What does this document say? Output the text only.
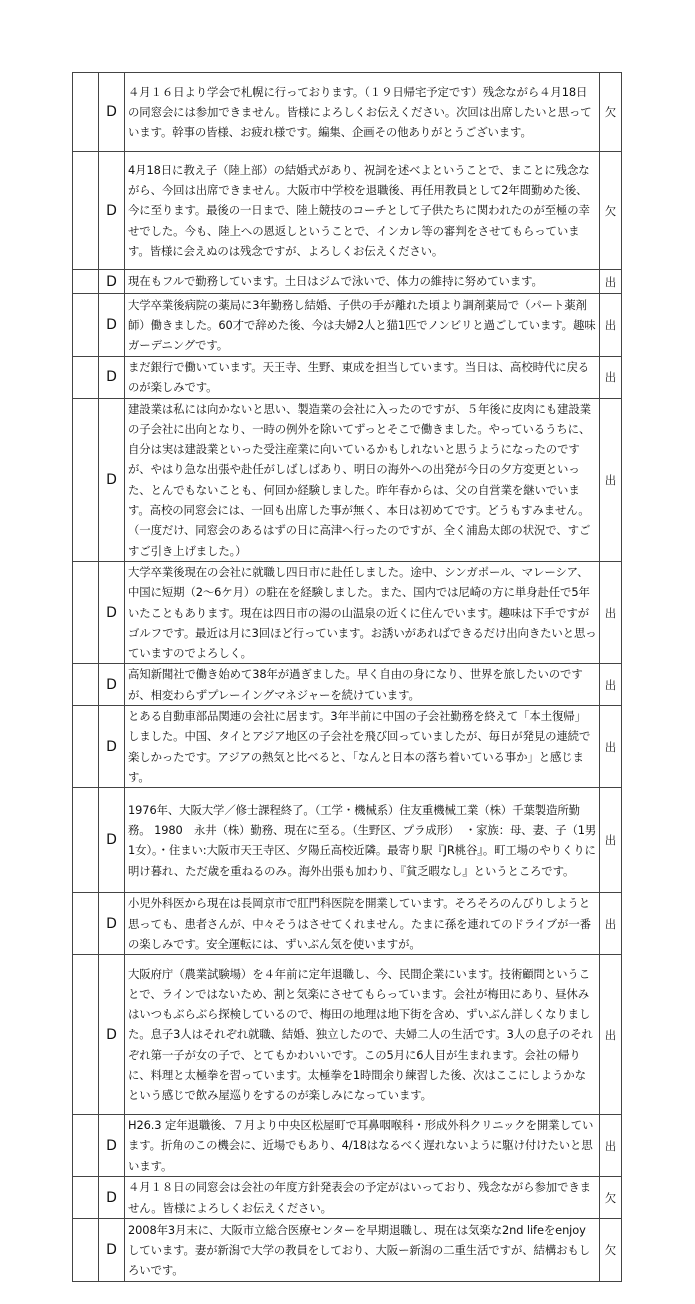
		D	４月１６日より学会で札幌に行っております。（１９日帰宅予定です）残念ながら４月18日の同窓会には参加できません。皆様によろしくお伝えください。次回は出席したいと思っています。幹事の皆様、お疲れ様です。編集、企画その他ありがとうございます。	欠
		D	4月18日に教え子（陸上部）の結婚式があり、祝詞を述べよということで、まことに残念ながら、今回は出席できません。大阪市中学校を退職後、再任用教員として2年間勤めた後、今に至ります。最後の一日まで、陸上競技のコーチとして子供たちに関われたのが至極の幸せでした。今も、陸上への恩返しということで、インカレ等の審判をさせてもらっています。皆様に会えぬのは残念ですが、よろしくお伝えください。	欠
		D	現在もフルで勤務しています。土日はジムで泳いで、体力の維持に努めています。	出
		D	大学卒業後病院の薬局に3年勤務し結婚、子供の手が離れた頃より調剤薬局で（パート薬剤師）働きました。60才で辞めた後、今は夫婦2人と猫1匹でノンビリと過ごしています。趣味ガーデニングです。	出
		D	まだ銀行で働いています。天王寺、生野、東成を担当しています。当日は、高校時代に戻るのが楽しみです。	出
		D	建設業は私には向かないと思い、製造業の会社に入ったのですが、５年後に皮肉にも建設業の子会社に出向となり、一時の例外を除いてずっとそこで働きました。やっているうちに、自分は実は建設業といった受注産業に向いているかもしれないと思うようになったのですが、やはり急な出張や赴任がしばしばあり、明日の海外への出発が今日の夕方変更といった、とんでもないことも、何回か経験しました。昨年春からは、父の自営業を継いでいます。高校の同窓会には、一回も出席した事が無く、本日は初めてです。どうもすみません。（一度だけ、同窓会のあるはずの日に高津へ行ったのですが、全く浦島太郎の状況で、すごすご引き上げました。）	出
		D	大学卒業後現在の会社に就職し四日市に赴任しました。途中、シンガポール、マレーシア、中国に短期（2〜6ケ月）の駐在を経験しました。また、国内では尼崎の方に単身赴任で5年いたこともあります。現在は四日市の湯の山温泉の近くに住んでいます。趣味は下手ですがゴルフです。最近は月に3回ほど行っています。お誘いがあればできるだけ出向きたいと思っていますのでよろしく。	出
		D	高知新聞社で働き始めて38年が過ぎました。早く自由の身になり、世界を旅したいのですが、相変わらずプレーイングマネジャーを続けています。	出
		D	とある自動車部品関連の会社に居ます。3年半前に中国の子会社勤務を終えて「本土復帰」しました。中国、タイとアジア地区の子会社を飛び回っていましたが、毎日が発見の連続で楽しかったです。アジアの熱気と比べると、「なんと日本の落ち着いている事か」と感じます。	出
		D	1976年、大阪大学／修士課程終了。（工学・機械系）住友重機械工業（株）千葉製造所勤務。 1980　永井（株）勤務、現在に至る。（生野区、プラ成形）　・家族：母、妻、子（1男1女）。・住まい:大阪市天王寺区、夕陽丘高校近隣。最寄り駅『JR桃谷』。町工場のやりくりに明け暮れ、ただ歳を重ねるのみ。海外出張も加わり、『貧乏暇なし』というところです。	出
		D	小児外科医から現在は長岡京市で肛門科医院を開業しています。そろそろのんびりしようと思っても、患者さんが、中々そうはさせてくれません。たまに孫を連れてのドライブが一番の楽しみです。安全運転には、ずいぶん気を使いますが。	出
		D	大阪府庁（農業試験場）を４年前に定年退職し、今、民間企業にいます。技術顧問ということで、ラインではないため、割と気楽にさせてもらっています。会社が梅田にあり、昼休みはいつもぶらぶら探検しているので、梅田の地理は地下街を含め、ずいぶん詳しくなりました。息子3人はそれぞれ就職、結婚、独立したので、夫婦二人の生活です。3人の息子のそれぞれ第一子が女の子で、とてもかわいいです。この5月に6人目が生まれます。会社の帰りに、料理と太極拳を習っています。太極拳を1時間余り練習した後、次はここにしようかなという感じで飲み屋巡りをするのが楽しみになっています。	出
		D	H26.3 定年退職後、７月より中央区松屋町で耳鼻咽喉科・形成外科クリニックを開業しています。折角のこの機会に、近場でもあり、4/18はなるべく遅れないように駆け付けたいと思います。	出
		D	４月１８日の同窓会は会社の年度方針発表会の予定がはいっており、残念ながら参加できません。皆様によろしくお伝えください。	欠
		D	2008年3月末に、大阪市立総合医療センターを早期退職し、現在は気楽な2nd lifeをenjoyしています。妻が新潟で大学の教員をしており、大阪ー新潟の二重生活ですが、結構おもしろいです。	欠
